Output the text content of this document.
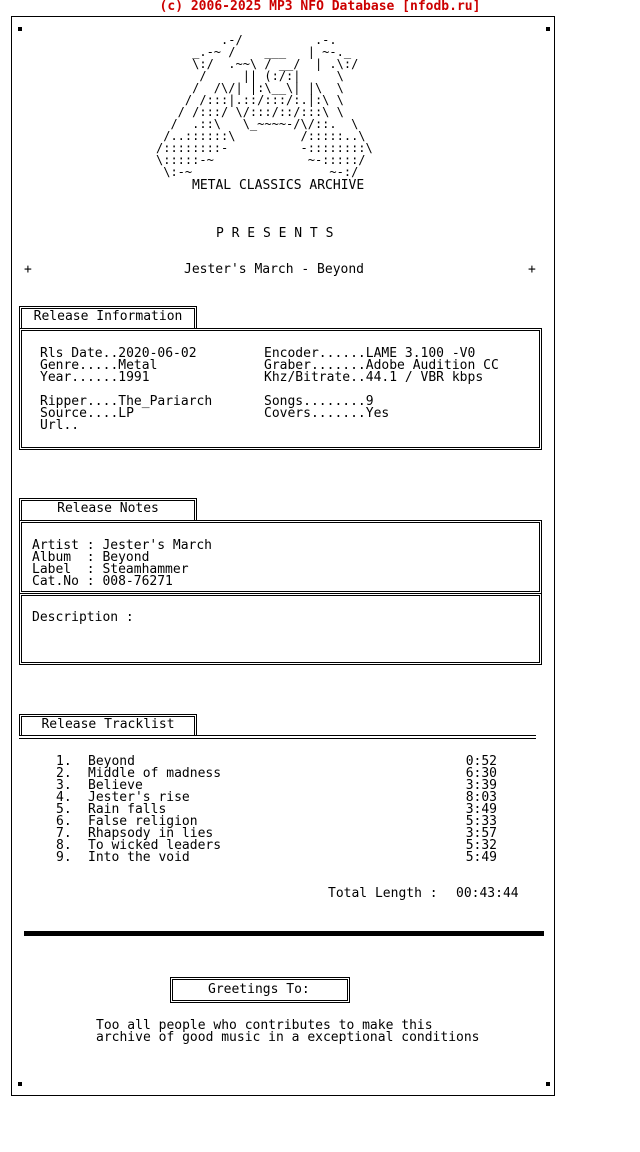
(c) 2006-2025 MP3 NFO Database [nfodb.ru]
.-/          .-.
_.-~ /    ___   | ~-._
\:/  .~~\ / __/  | .\:/
/     || (:/:|     \
/  /\/| |:\__\| |\  \
/ /:::|.::/:::/:.|:\ \
/ /:::/ \/:::/::/:::\ \
/  .::\   \_~~~~-/\/::.  \
/..::::::\         /:::::..\
/::::::::-          -::::::::\
\:::::-~             ~-:::::/
\:-~                   ~-:/
METAL CLASSICS ARCHIVE
P R E S E N T S
+	Jester's March - Beyond	+
Release Information
Rls Date..2020-06-02
Genre.....Metal
Year......1991
Ripper....The_Pariarch
Source....LP
Url..
Encoder......LAME 3.100 -V0
Graber.......Adobe Audition CC
Khz/Bitrate..44.1 / VBR kbps
Songs........9
Covers.......Yes
Release Notes
Artist : Jester's March
Album  : Beyond
Label  : Steamhammer
Cat.No : 008-76271
Description :
Release Tracklist
1. Beyond	0:52
2. Middle of madness	6:30
3. Believe	3:39
4. Jester's rise	8:03
5. Rain falls	3:49
6. False religion	5:33
7. Rhapsody in lies	3:57
8. To wicked leaders	5:32
9. Into the void	5:49
Total Length : 00:43:44
Greetings To:
Too all people who contributes to make this
archive of good music in a exceptional conditions
